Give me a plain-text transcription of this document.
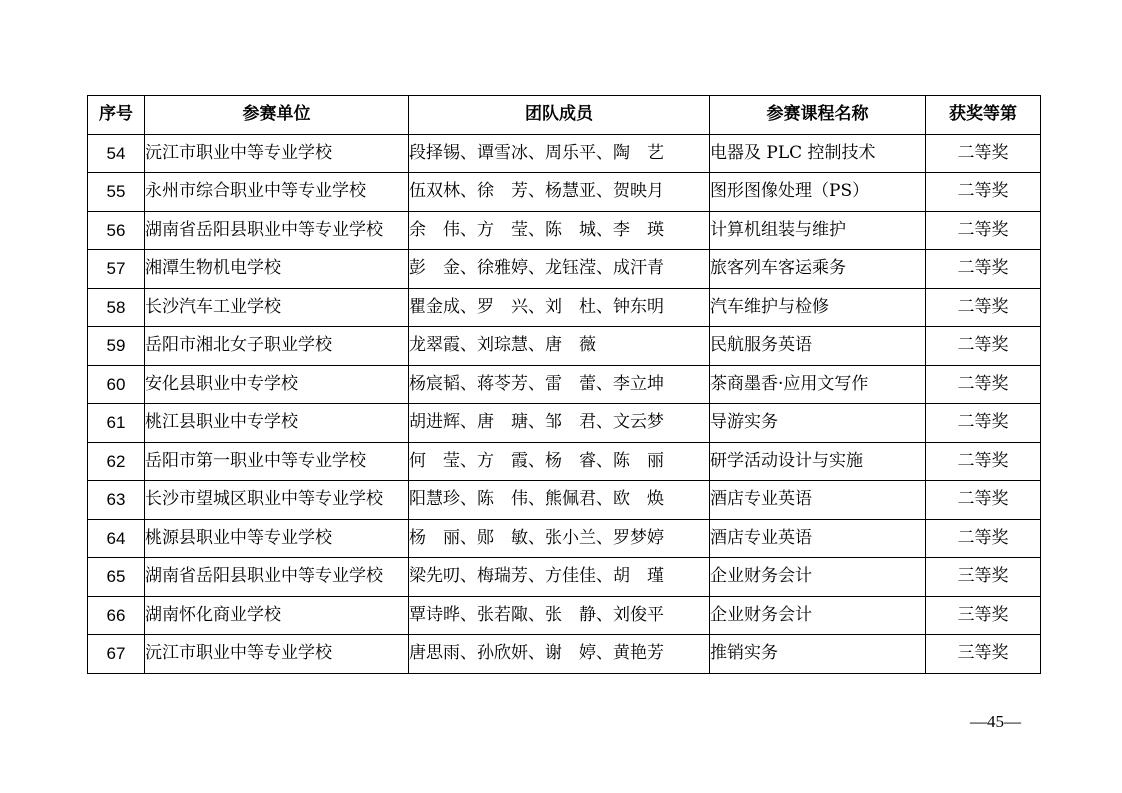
序号	参赛单位	团队成员	参赛课程名称	获奖等第
54	沅江市职业中等专业学校	段择锡、谭雪冰、周乐平、陶　艺	电器及 PLC 控制技术	二等奖
55	永州市综合职业中等专业学校	伍双林、徐　芳、杨慧亚、贺映月	图形图像处理（PS）	二等奖
56	湖南省岳阳县职业中等专业学校	余　伟、方　莹、陈　城、李　瑛	计算机组装与维护	二等奖
57	湘潭生物机电学校	彭　金、徐雅婷、龙钰滢、成汗青	旅客列车客运乘务	二等奖
58	长沙汽车工业学校	瞿金成、罗　兴、刘　杜、钟东明	汽车维护与检修	二等奖
59	岳阳市湘北女子职业学校	龙翠霞、刘琮慧、唐　薇	民航服务英语	二等奖
60	安化县职业中专学校	杨宸韬、蒋苓芳、雷　蕾、李立坤	茶商墨香·应用文写作	二等奖
61	桃江县职业中专学校	胡进辉、唐　瑭、邹　君、文云梦	导游实务	二等奖
62	岳阳市第一职业中等专业学校	何　莹、方　霞、杨　睿、陈　丽	研学活动设计与实施	二等奖
63	长沙市望城区职业中等专业学校	阳慧珍、陈　伟、熊佩君、欧　焕	酒店专业英语	二等奖
64	桃源县职业中等专业学校	杨　丽、郧　敏、张小兰、罗梦婷	酒店专业英语	二等奖
65	湖南省岳阳县职业中等专业学校	梁先叨、梅瑞芳、方佳佳、胡　瑾	企业财务会计	三等奖
66	湖南怀化商业学校	覃诗晔、张若陬、张　静、刘俊平	企业财务会计	三等奖
67	沅江市职业中等专业学校	唐思雨、孙欣妍、谢　婷、黄艳芳	推销实务	三等奖
—45—
